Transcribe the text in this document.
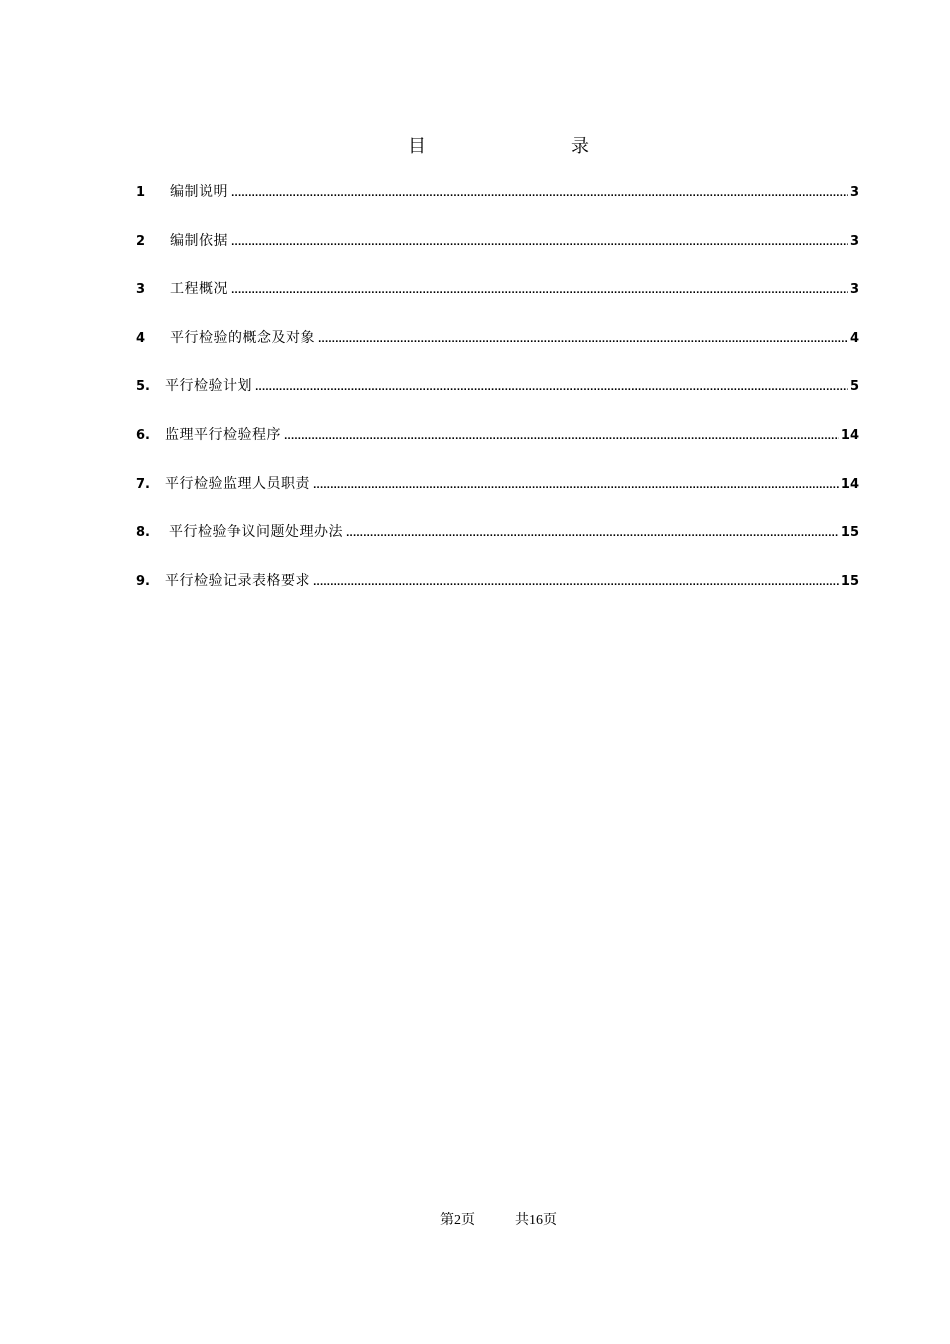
目	录
1	编制说明 .....	3
2	编制依据 .....	3
3	工程概况 .....	3
4	平行检验的概念及对象 .....	4
5.	平行检验计划 .....	5
6.	监理平行检验程序 .....	14
7.	平行检验监理人员职责 .....	14
8.	平行检验争议问题处理办法 .....	15
9.	平行检验记录表格要求 .....	15
第2页	共16页
